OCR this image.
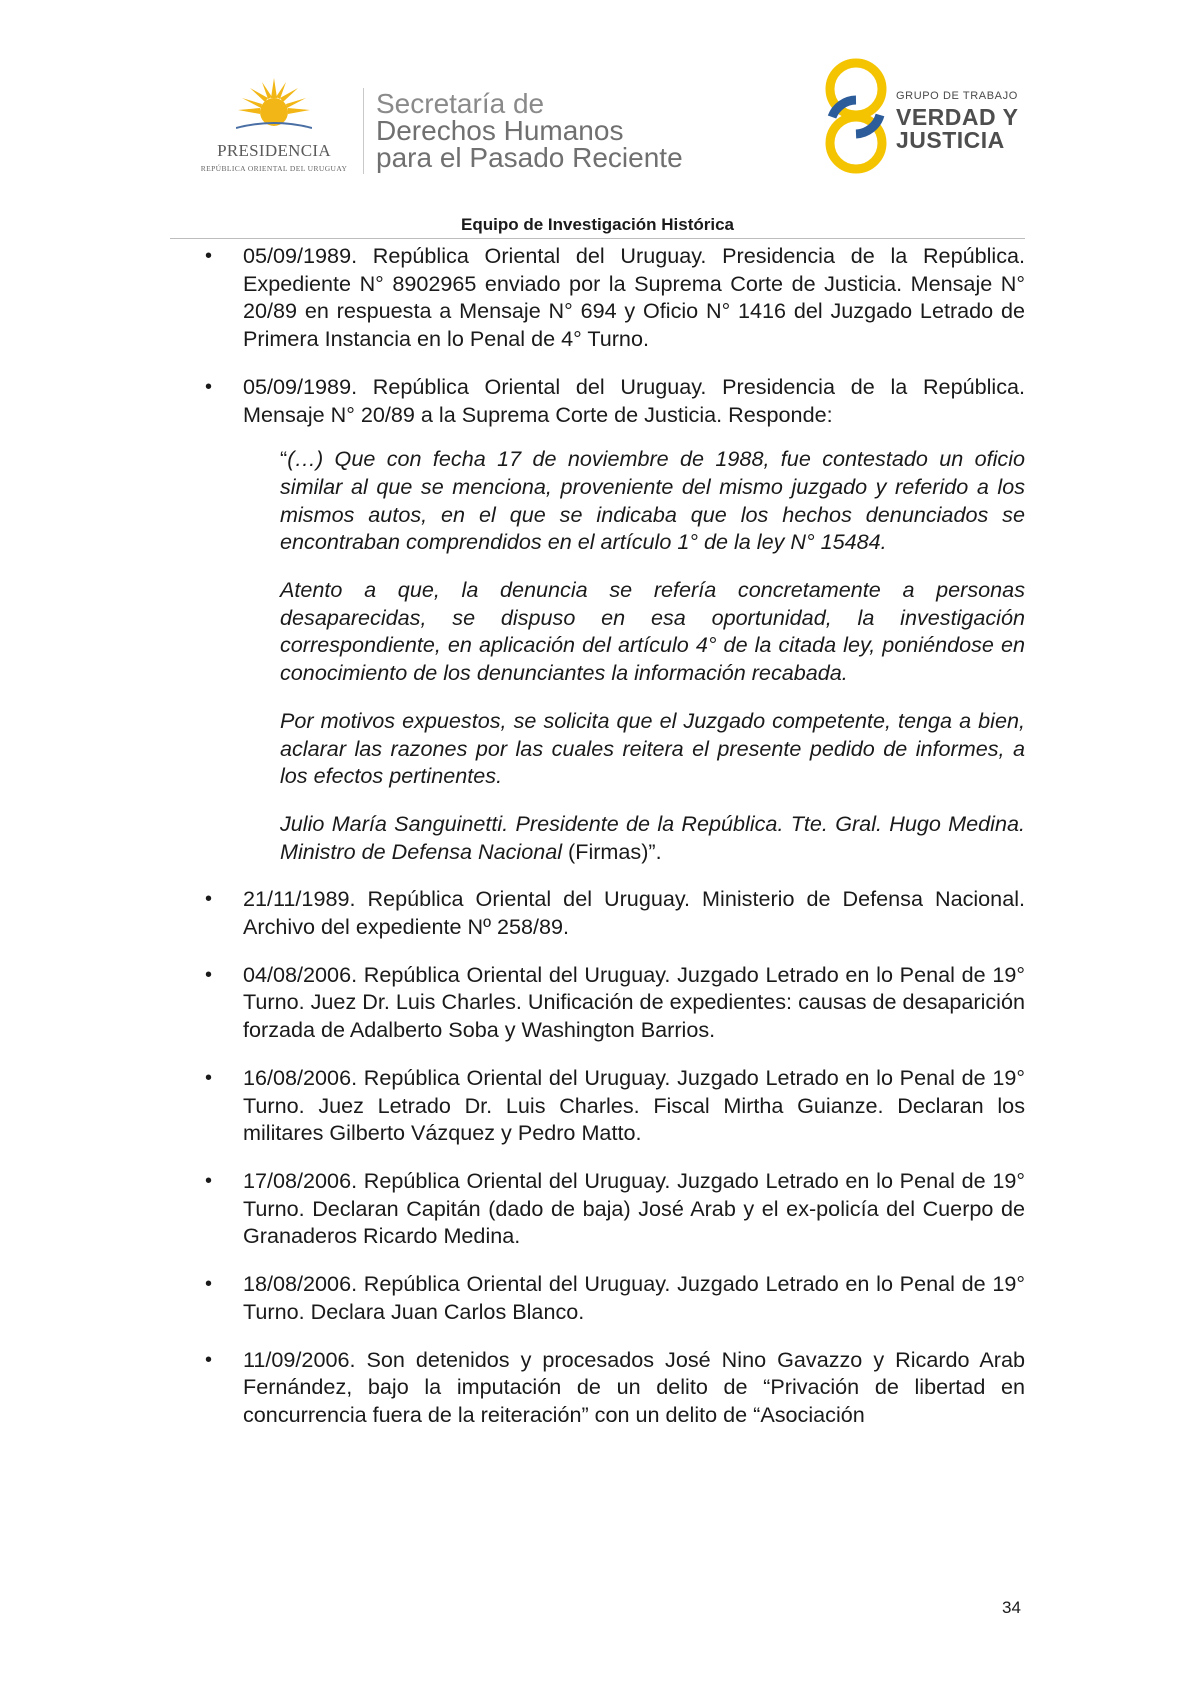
PRESIDENCIA
REPÚBLICA ORIENTAL DEL URUGUAY
Secretaría de
Derechos Humanos
para el Pasado Reciente
GRUPO DE TRABAJO
VERDAD Y
JUSTICIA
Equipo de Investigación Histórica
• 05/09/1989. República Oriental del Uruguay. Presidencia de la República. Expediente N° 8902965 enviado por la Suprema Corte de Justicia. Mensaje N° 20/89 en respuesta a Mensaje N° 694 y Oficio N° 1416 del Juzgado Letrado de Primera Instancia en lo Penal de 4° Turno.
• 05/09/1989. República Oriental del Uruguay. Presidencia de la República. Mensaje N° 20/89 a la Suprema Corte de Justicia. Responde:

“(…) Que con fecha 17 de noviembre de 1988, fue contestado un oficio similar al que se menciona, proveniente del mismo juzgado y referido a los mismos autos, en el que se indicaba que los hechos denunciados se encontraban comprendidos en el artículo 1° de la ley N° 15484.

Atento a que, la denuncia se refería concretamente a personas desaparecidas, se dispuso en esa oportunidad, la investigación correspondiente, en aplicación del artículo 4° de la citada ley, poniéndose en conocimiento de los denunciantes la información recabada.

Por motivos expuestos, se solicita que el Juzgado competente, tenga a bien, aclarar las razones por las cuales reitera el presente pedido de informes, a los efectos pertinentes.

Julio María Sanguinetti. Presidente de la República. Tte. Gral. Hugo Medina. Ministro de Defensa Nacional (Firmas)”.

• 21/11/1989. República Oriental del Uruguay. Ministerio de Defensa Nacional. Archivo del expediente Nº 258/89.
• 04/08/2006. República Oriental del Uruguay. Juzgado Letrado en lo Penal de 19° Turno. Juez Dr. Luis Charles. Unificación de expedientes: causas de desaparición forzada de Adalberto Soba y Washington Barrios.
• 16/08/2006. República Oriental del Uruguay. Juzgado Letrado en lo Penal de 19° Turno. Juez Letrado Dr. Luis Charles. Fiscal Mirtha Guianze. Declaran los militares Gilberto Vázquez y Pedro Matto.
• 17/08/2006. República Oriental del Uruguay. Juzgado Letrado en lo Penal de 19° Turno. Declaran Capitán (dado de baja) José Arab y el ex-policía del Cuerpo de Granaderos Ricardo Medina.
• 18/08/2006. República Oriental del Uruguay. Juzgado Letrado en lo Penal de 19° Turno. Declara Juan Carlos Blanco.
• 11/09/2006. Son detenidos y procesados José Nino Gavazzo y Ricardo Arab Fernández, bajo la imputación de un delito de “Privación de libertad en concurrencia fuera de la reiteración” con un delito de “Asociación
34
